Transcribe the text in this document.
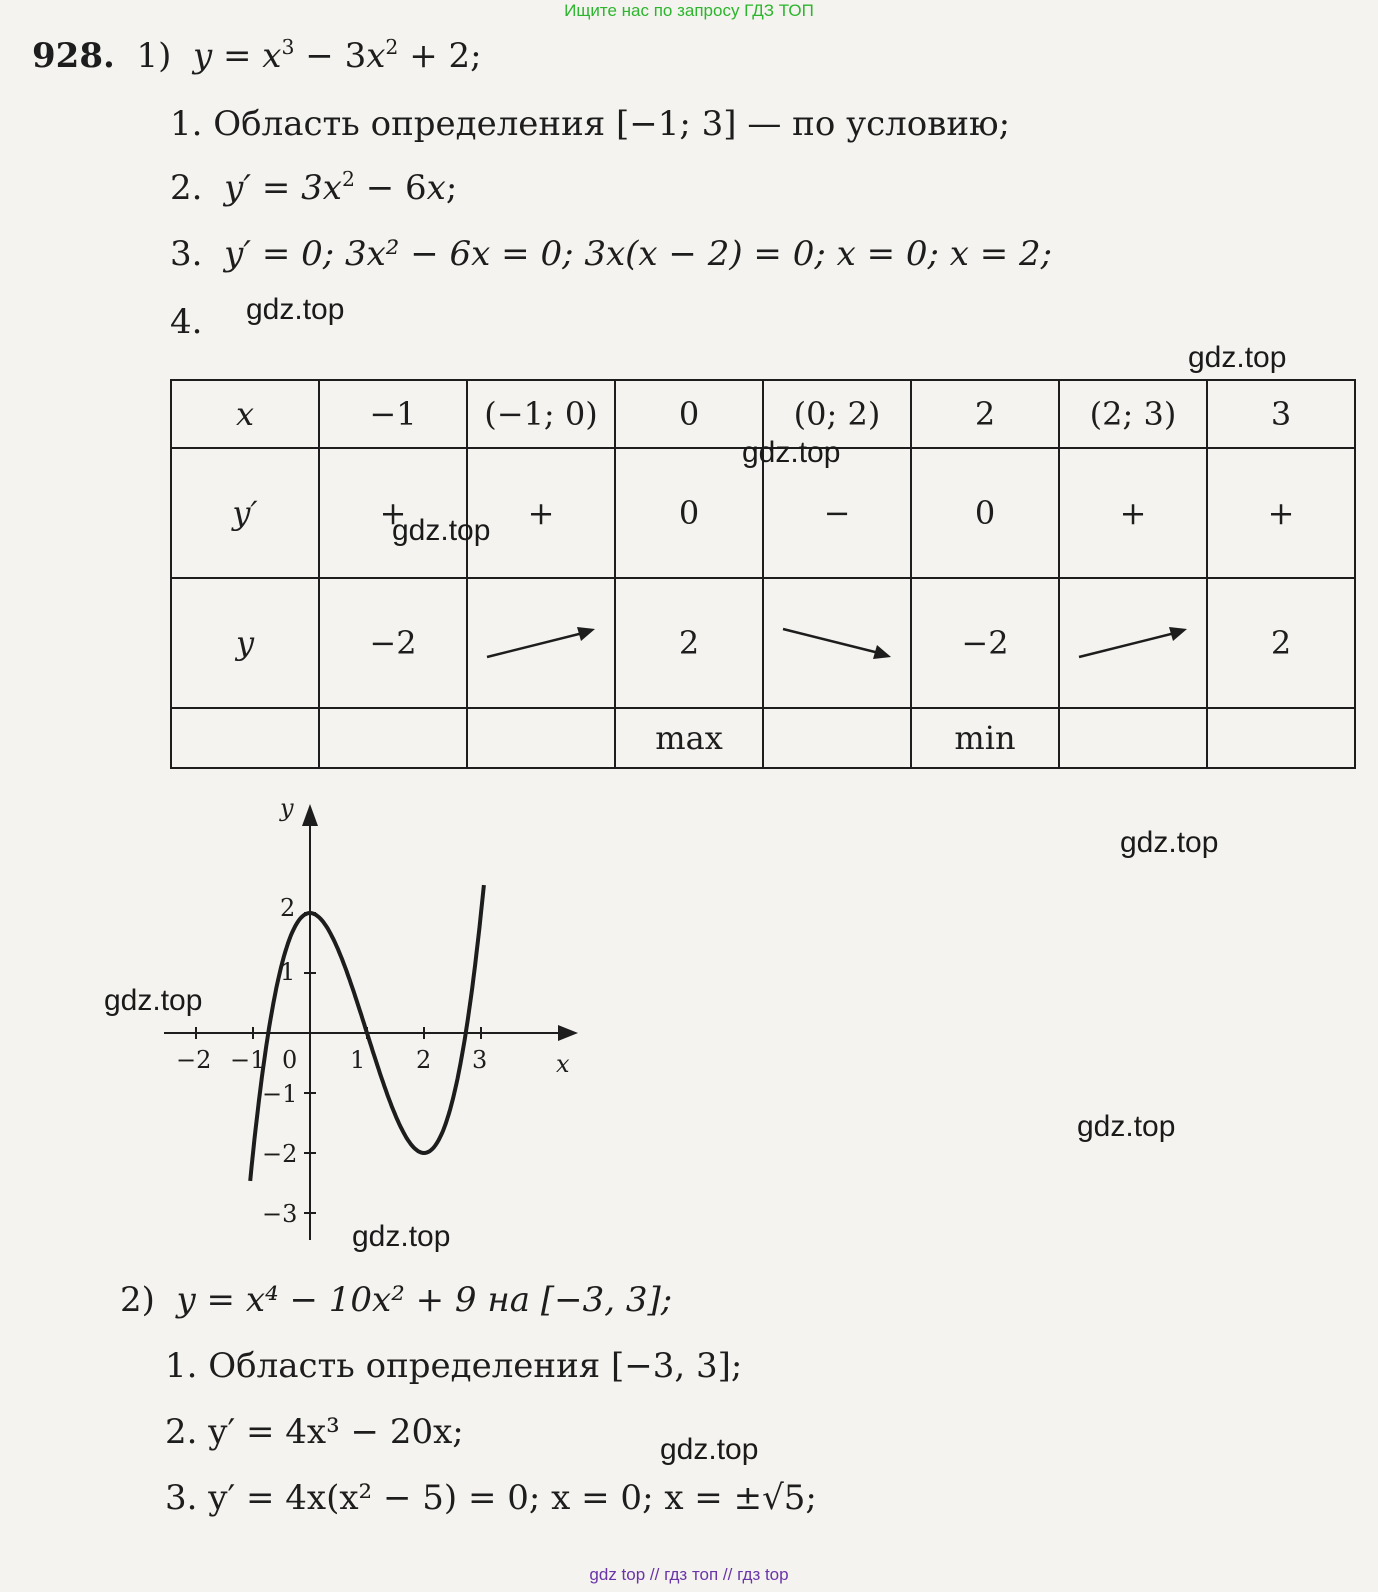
Ищите нас по запросу ГДЗ ТОП
928. 1) $y = x^3 - 3x^2 + 2$;
1. Область определения [−1; 3] — по условию;
2. $y' = 3x^2 - 6x$;
3. y′ = 0; 3x² − 6x = 0; 3x(x − 2) = 0; x = 0; x = 2;
4.
x	−1	(−1; 0)	0	(0; 2)	2	(2; 3)	3
y′	+	+	0	−	0	+	+
y	−2		2		−2		2
			max		min		
x
y
−2 −1 0 1 2 3
2
1
−1
−2
−3
2) y = x⁴ − 10x² + 9 на [−3, 3];
1. Область определения [−3, 3];
2. y′ = 4x³ − 20x;
3. y′ = 4x(x² − 5) = 0; x = 0; x = ±√5;
gdz.top
gdz.top
gdz.top
gdz.top
gdz.top
gdz.top
gdz.top
gdz.top
gdz.top
gdz top // гдз топ // гдз top
